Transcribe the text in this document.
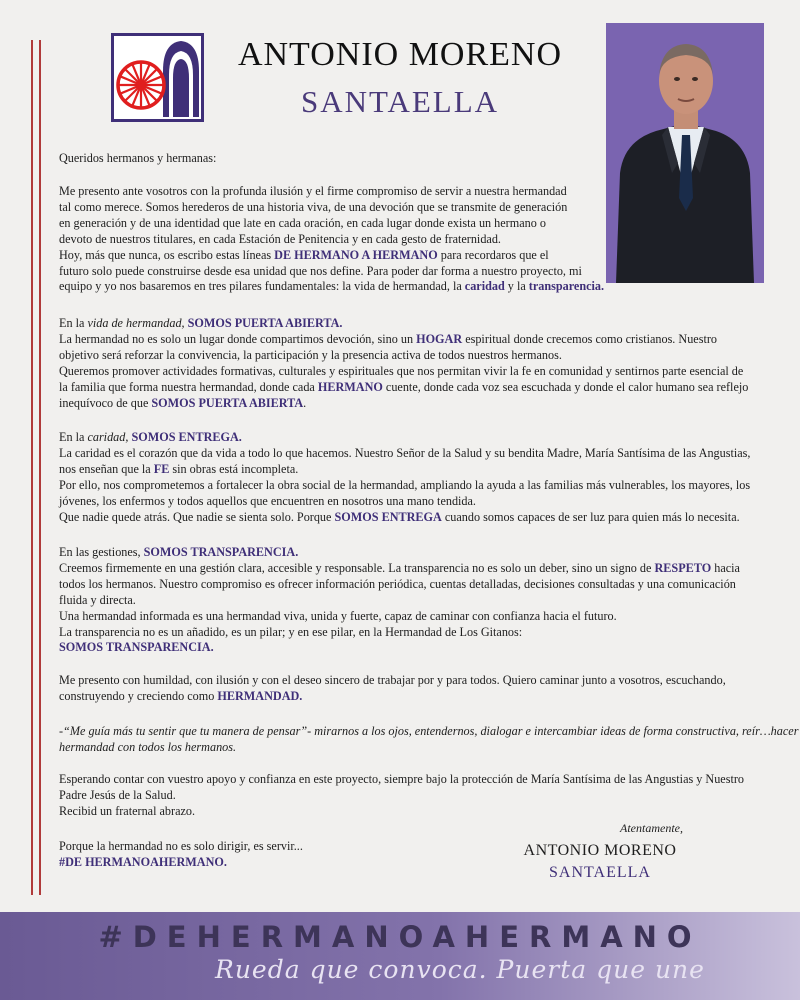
ANTONIO MORENO
SANTAELLA

Queridos hermanos y hermanas:

Me presento ante vosotros con la profunda ilusión y el firme compromiso de servir a nuestra hermandad
tal como merece. Somos herederos de una historia viva, de una devoción que se transmite de generación
en generación y de una identidad que late en cada oración, en cada lugar donde exista un hermano o
devoto de nuestros titulares, en cada Estación de Penitencia y en cada gesto de fraternidad.
Hoy, más que nunca, os escribo estas líneas DE HERMANO A HERMANO para recordaros que el
futuro solo puede construirse desde esa unidad que nos define. Para poder dar forma a nuestro proyecto, mi
equipo y yo nos basaremos en tres pilares fundamentales: la vida de hermandad, la caridad y la transparencia.
En la vida de hermandad, SOMOS PUERTA ABIERTA.
La hermandad no es solo un lugar donde compartimos devoción, sino un HOGAR espiritual donde crecemos como cristianos. Nuestro
objetivo será reforzar la convivencia, la participación y la presencia activa de todos nuestros hermanos.
Queremos promover actividades formativas, culturales y espirituales que nos permitan vivir la fe en comunidad y sentirnos parte esencial de
la familia que forma nuestra hermandad, donde cada HERMANO cuente, donde cada voz sea escuchada y donde el calor humano sea reflejo
inequívoco de que SOMOS PUERTA ABIERTA.
En la caridad, SOMOS ENTREGA.
La caridad es el corazón que da vida a todo lo que hacemos. Nuestro Señor de la Salud y su bendita Madre, María Santísima de las Angustias,
nos enseñan que la FE sin obras está incompleta.
Por ello, nos comprometemos a fortalecer la obra social de la hermandad, ampliando la ayuda a las familias más vulnerables, los mayores, los
jóvenes, los enfermos y todos aquellos que encuentren en nosotros una mano tendida.
Que nadie quede atrás. Que nadie se sienta solo. Porque SOMOS ENTREGA cuando somos capaces de ser luz para quien más lo necesita.
En las gestiones, SOMOS TRANSPARENCIA.
Creemos firmemente en una gestión clara, accesible y responsable. La transparencia no es solo un deber, sino un signo de RESPETO hacia
todos los hermanos. Nuestro compromiso es ofrecer información periódica, cuentas detalladas, decisiones consultadas y una comunicación
fluida y directa.
Una hermandad informada es una hermandad viva, unida y fuerte, capaz de caminar con confianza hacia el futuro.
La transparencia no es un añadido, es un pilar; y en ese pilar, en la Hermandad de Los Gitanos:
SOMOS TRANSPARENCIA.
Me presento con humildad, con ilusión y con el deseo sincero de trabajar por y para todos. Quiero caminar junto a vosotros, escuchando,
construyendo y creciendo como HERMANDAD.
-“Me guía más tu sentir que tu manera de pensar”- mirarnos a los ojos, entendernos, dialogar e intercambiar ideas de forma constructiva, reír…hacer
hermandad con todos los hermanos.
Esperando contar con vuestro apoyo y confianza en este proyecto, siempre bajo la protección de María Santísima de las Angustias y Nuestro
Padre Jesús de la Salud.
Recibid un fraternal abrazo.
Porque la hermandad no es solo dirigir, es servir...
#DE HERMANOAHERMANO.
Atentamente,
ANTONIO MORENO
SANTAELLA
#DEHERMANOAHERMANO
Rueda que convoca. Puerta que une
